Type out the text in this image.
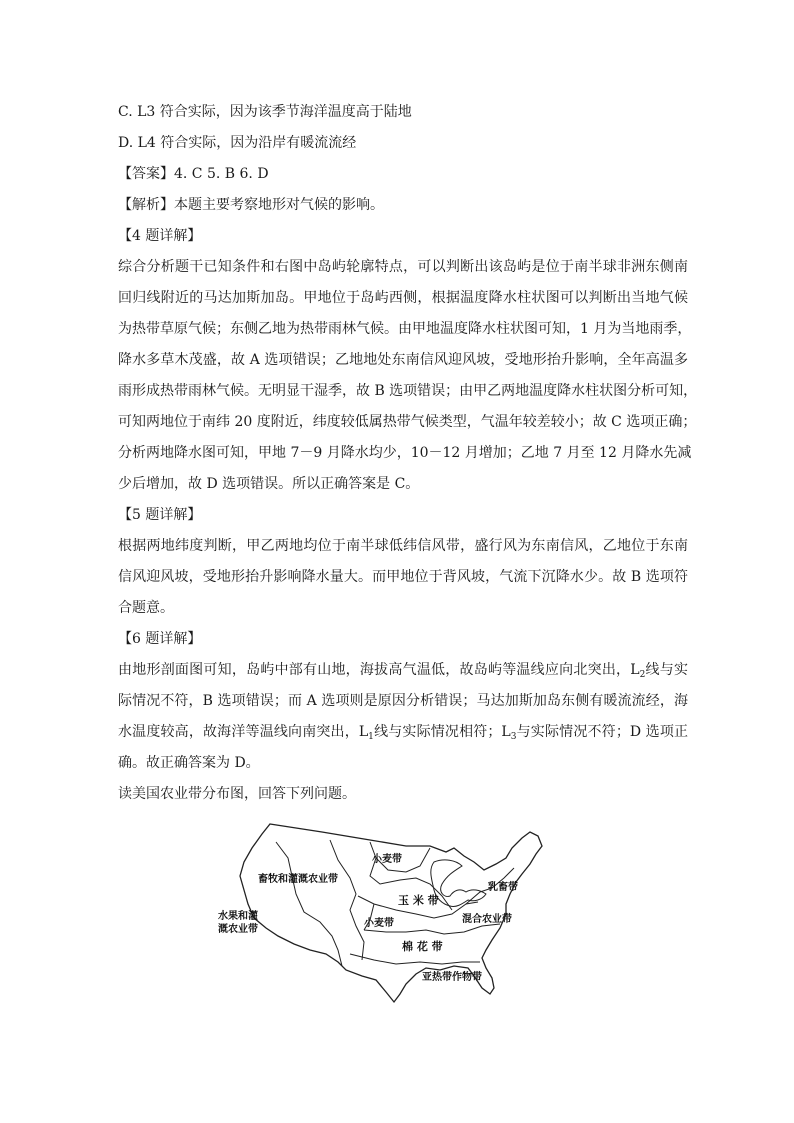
C. L3 符合实际，因为该季节海洋温度高于陆地
D. L4 符合实际，因为沿岸有暖流流经
【答案】4. C 5. B 6. D
【解析】本题主要考察地形对气候的影响。
【4 题详解】
综合分析题干已知条件和右图中岛屿轮廓特点，可以判断出该岛屿是位于南半球非洲东侧南
回归线附近的马达加斯加岛。甲地位于岛屿西侧，根据温度降水柱状图可以判断出当地气候
为热带草原气候；东侧乙地为热带雨林气候。由甲地温度降水柱状图可知，1 月为当地雨季，
降水多草木茂盛，故 A 选项错误；乙地地处东南信风迎风坡，受地形抬升影响，全年高温多
雨形成热带雨林气候。无明显干湿季，故 B 选项错误；由甲乙两地温度降水柱状图分析可知，
可知两地位于南纬 20 度附近，纬度较低属热带气候类型，气温年较差较小；故 C 选项正确；
分析两地降水图可知，甲地 7－9 月降水均少，10－12 月增加；乙地 7 月至 12 月降水先减
少后增加，故 D 选项错误。所以正确答案是 C。
【5 题详解】
根据两地纬度判断，甲乙两地均位于南半球低纬信风带，盛行风为东南信风，乙地位于东南
信风迎风坡，受地形抬升影响降水量大。而甲地位于背风坡，气流下沉降水少。故 B 选项符
合题意。
【6 题详解】
由地形剖面图可知，岛屿中部有山地，海拔高气温低，故岛屿等温线应向北突出，$L_2$线与实
际情况不符，B 选项错误；而 A 选项则是原因分析错误；马达加斯加岛东侧有暖流流经，海
水温度较高，故海洋等温线向南突出，$L_1$线与实际情况相符；$L_3$与实际情况不符；D 选项正
确。故正确答案为 D。
读美国农业带分布图，回答下列问题。
小麦带
畜牧和灌溉农业带
乳畜带
水果和灌
溉农业带
玉 米 带
混合农业带
小麦带
棉 花 带
亚热带作物带
